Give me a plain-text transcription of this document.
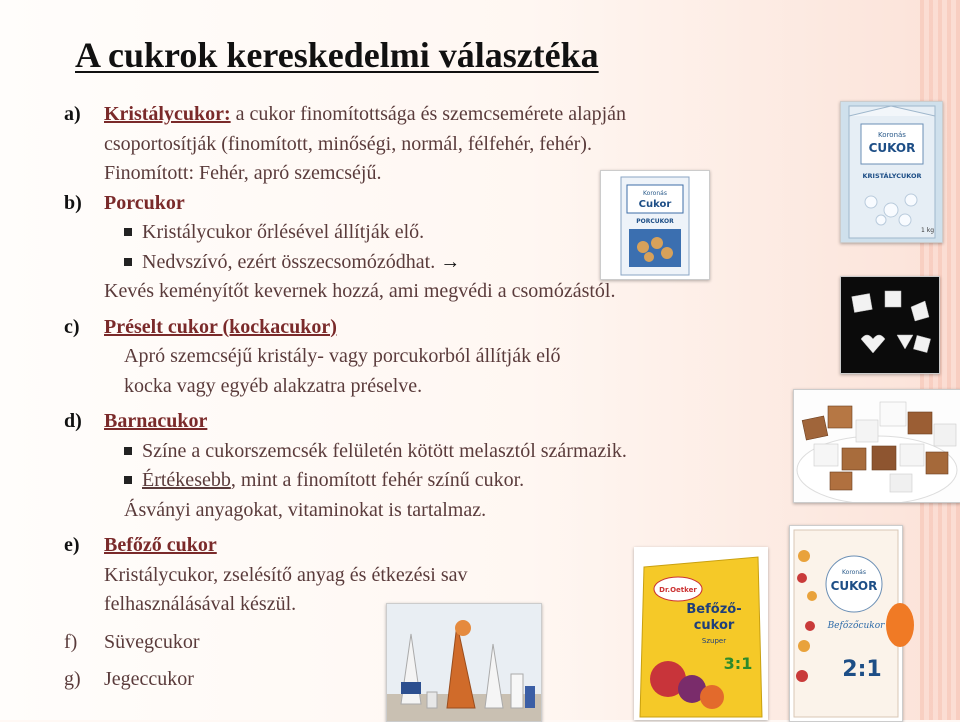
A cukrok kereskedelmi választéka
a) Kristálycukor: a cukor finomítottsága és szemcsemérete alapján
csoportosítják (finomított, minőségi, normál, félfehér, fehér).
Finomított: Fehér, apró szemcséjű.
b) Porcukor
Kristálycukor őrlésével állítják elő.
Nedvszívó, ezért összecsomózódhat. →
Kevés keményítőt kevernek hozzá, ami megvédi a csomózástól.
c) Préselt cukor (kockacukor)
Apró szemcséjű kristály- vagy porcukorból állítják elő
kocka vagy egyéb alakzatra préselve.
d) Barnacukor
Színe a cukorszemcsék felületén kötött melasztól származik.
Értékesebb, mint a finomított fehér színű cukor.
Ásványi anyagokat, vitaminokat is tartalmaz.
e) Befőző cukor
Kristálycukor, zselésítő anyag és étkezési sav
felhasználásával készül.
f) Süvegcukor
g) Jegeccukor
Koronás
CUKOR
KRISTÁLYCUKOR
1 kg
Koronás
Cukor
PORCUKOR
Dr.Oetker
Befőző-
cukor
Szuper
3:1
Koronás
CUKOR
Befőzőcukor
2:1
